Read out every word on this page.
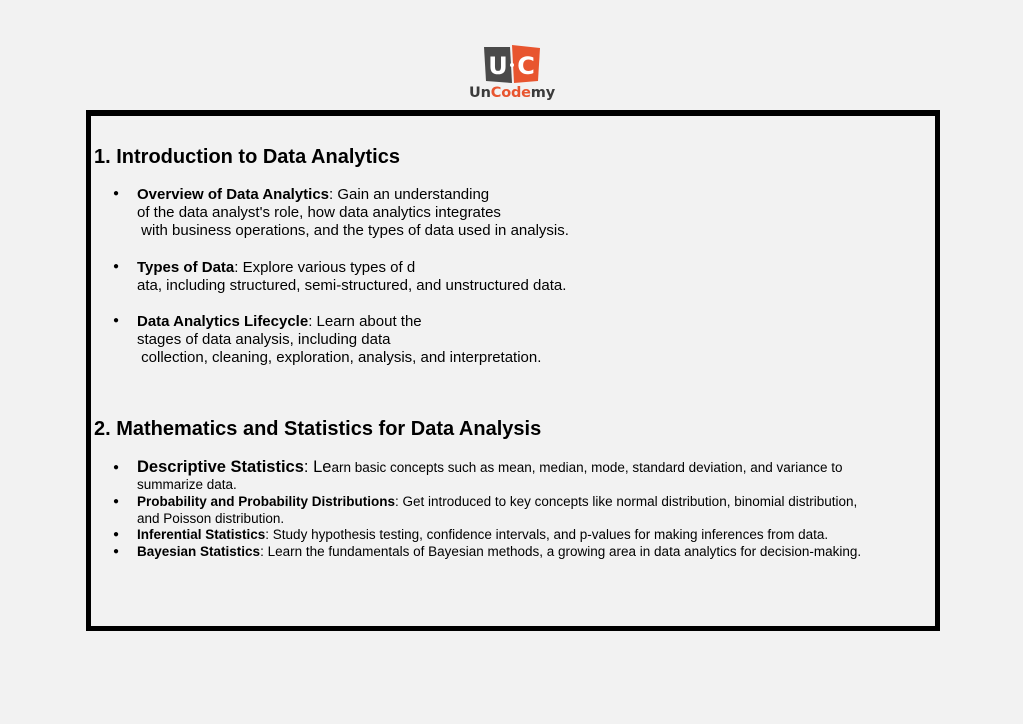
U C
UnCodemy
1. Introduction to Data Analytics
● Overview of Data Analytics: Gain an understanding
of the data analyst's role, how data analytics integrates
with business operations, and the types of data used in analysis.
● Types of Data: Explore various types of d
ata, including structured, semi-structured, and unstructured data.
● Data Analytics Lifecycle: Learn about the
stages of data analysis, including data
collection, cleaning, exploration, analysis, and interpretation.
2. Mathematics and Statistics for Data Analysis
● Descriptive Statistics: Learn basic concepts such as mean, median, mode, standard deviation, and variance to
summarize data.
● Probability and Probability Distributions: Get introduced to key concepts like normal distribution, binomial distribution,
and Poisson distribution.
● Inferential Statistics: Study hypothesis testing, confidence intervals, and p-values for making inferences from data.
● Bayesian Statistics: Learn the fundamentals of Bayesian methods, a growing area in data analytics for decision-making.
